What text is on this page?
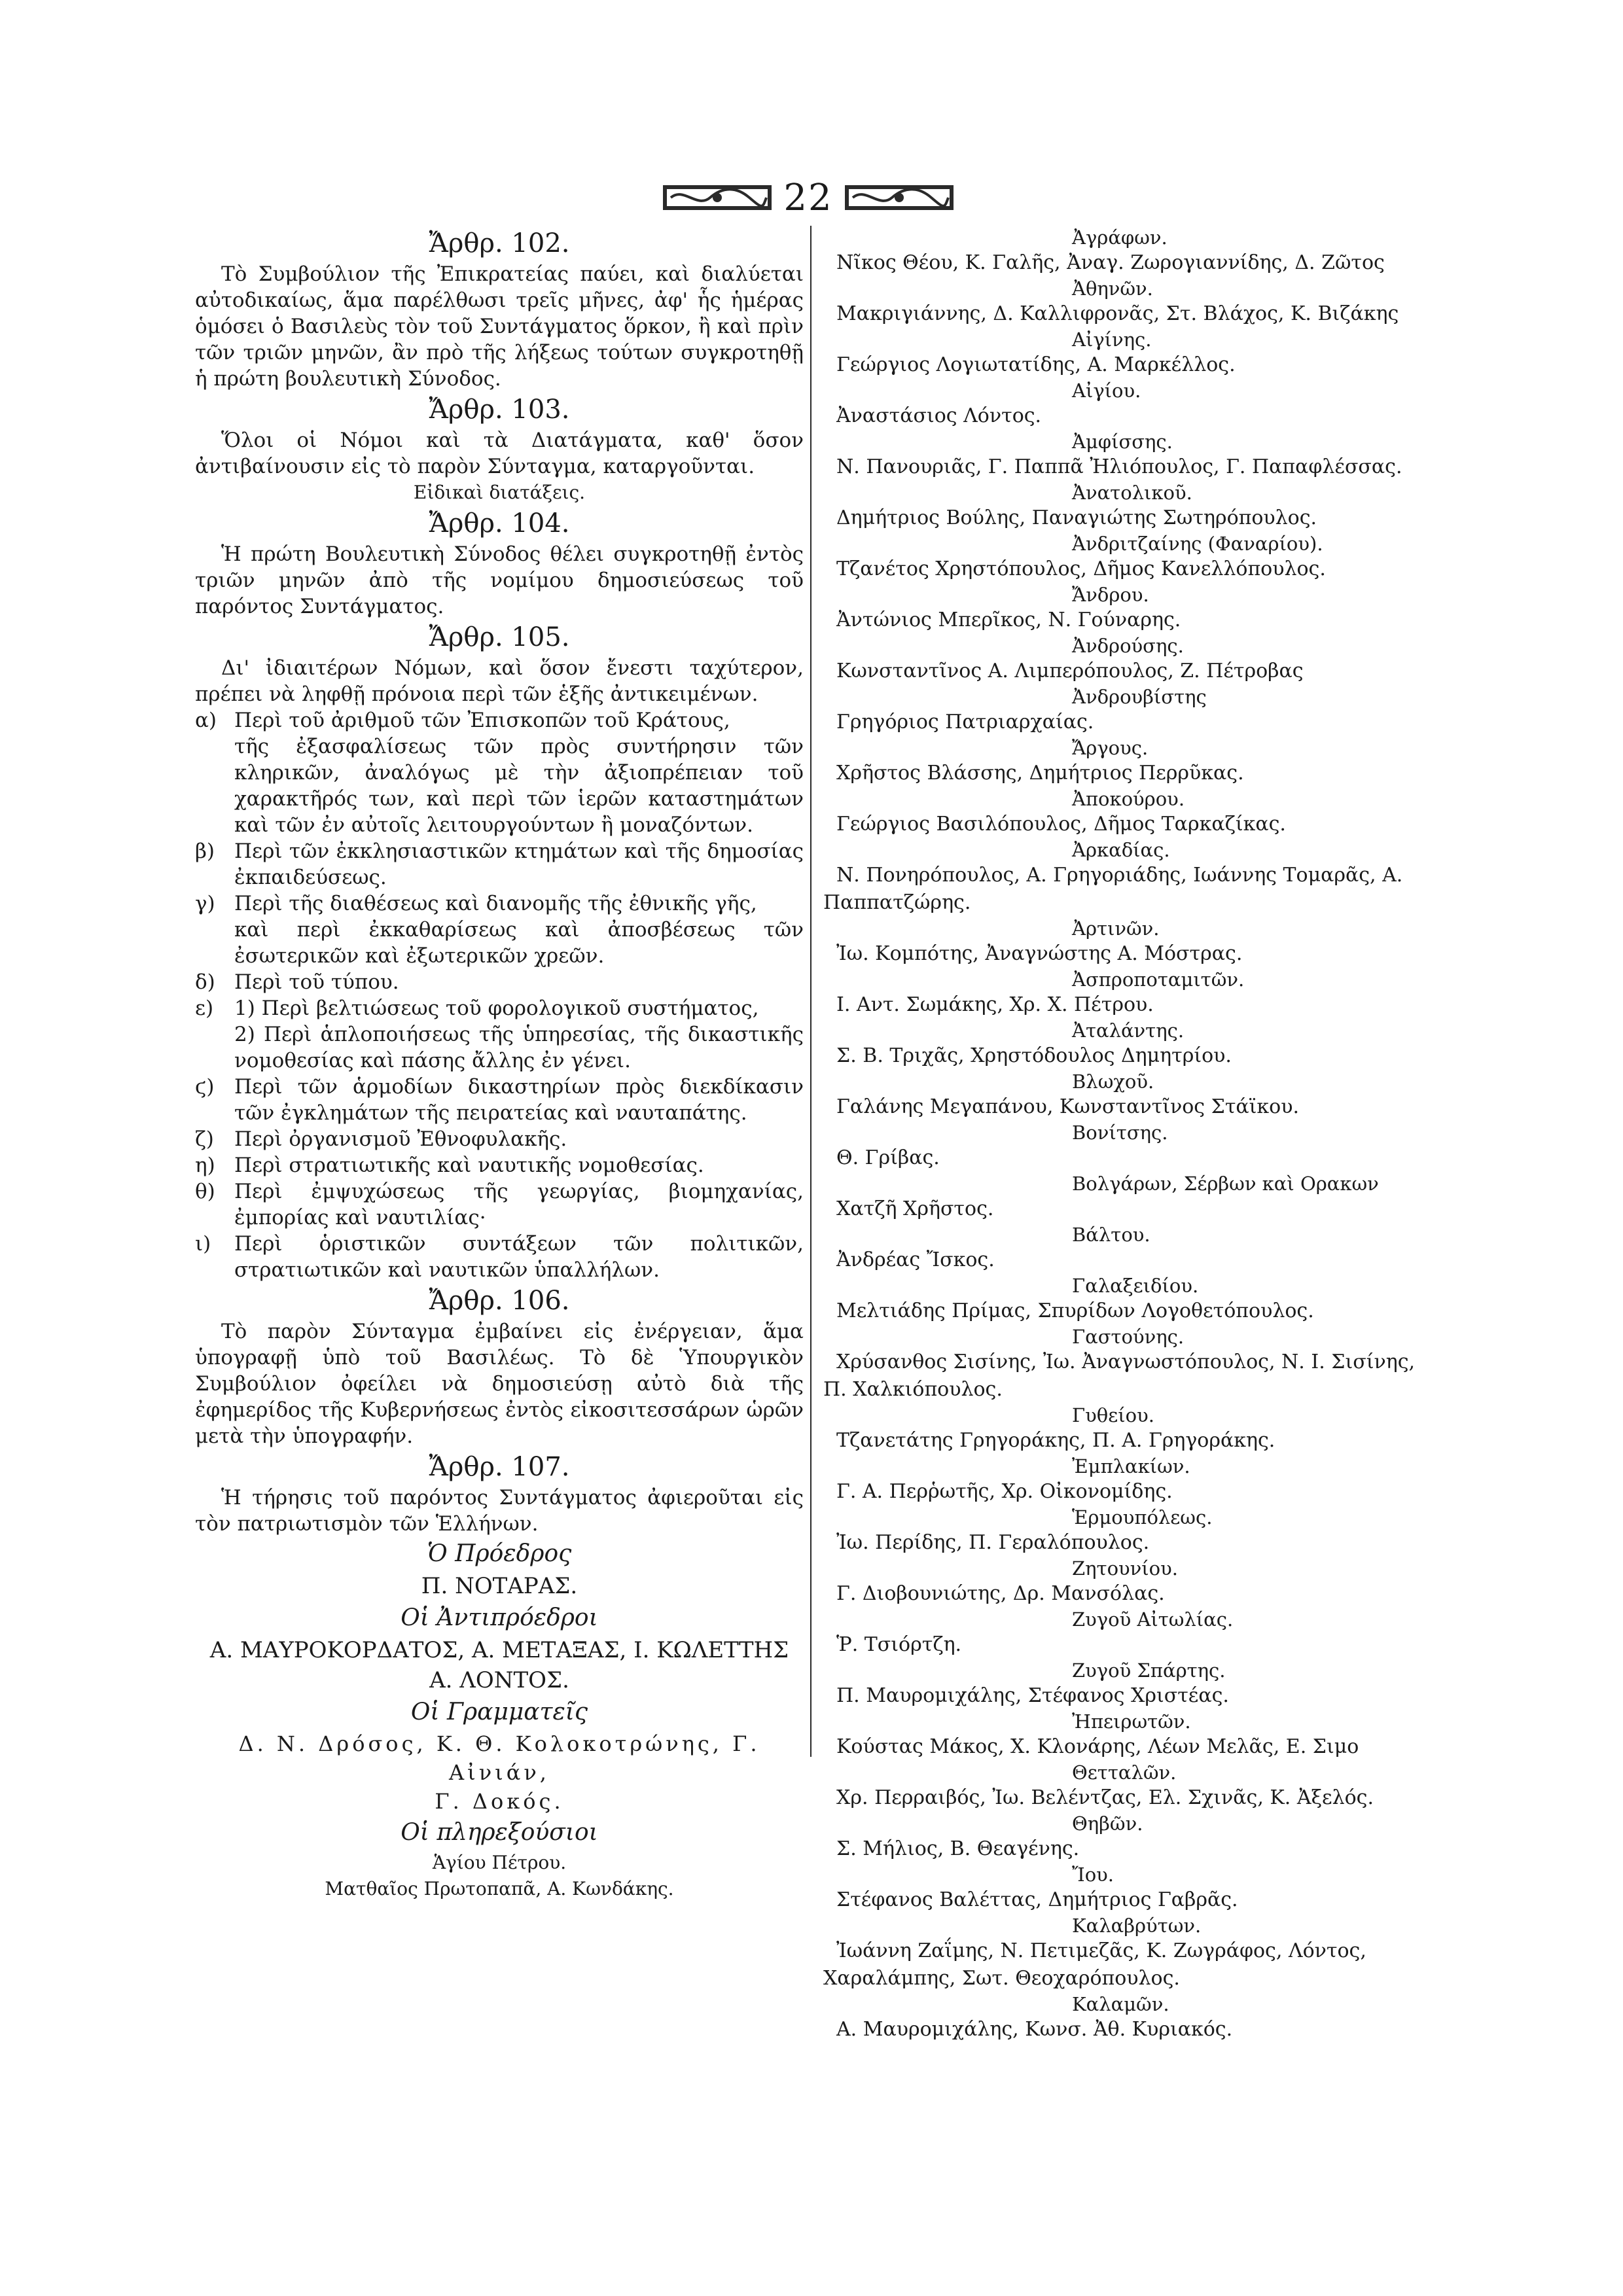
22
Ἄρθρ. 102.
Τὸ Συμβούλιον τῆς Ἐπικρατείας παύει, καὶ διαλύεται αὐτοδικαίως, ἅμα παρέλθωσι τρεῖς μῆνες, ἀφ' ἧς ἡμέρας ὁμόσει ὁ Βασιλεὺς τὸν τοῦ Συντάγματος ὅρκον, ἢ καὶ πρὶν τῶν τριῶν μηνῶν, ἂν πρὸ τῆς λήξεως τούτων συγκροτηθῇ ἡ πρώτη βουλευτικὴ Σύνοδος.
Ἄρθρ. 103.
Ὅλοι οἱ Νόμοι καὶ τὰ Διατάγματα, καθ' ὅσον ἀντιβαίνουσιν εἰς τὸ παρὸν Σύνταγμα, καταργοῦνται.
Εἰδικαὶ διατάξεις.
Ἄρθρ. 104.
Ἡ πρώτη Βουλευτικὴ Σύνοδος θέλει συγκροτηθῇ ἐντὸς τριῶν μηνῶν ἀπὸ τῆς νομίμου δημοσιεύσεως τοῦ παρόντος Συντάγματος.
Ἄρθρ. 105.
Δι' ἰδιαιτέρων Νόμων, καὶ ὅσον ἔνεστι ταχύτερον, πρέπει νὰ ληφθῇ πρόνοια περὶ τῶν ἑξῆς ἀντικειμένων.
α) Περὶ τοῦ ἀριθμοῦ τῶν Ἐπισκοπῶν τοῦ Κράτους,
τῆς ἐξασφαλίσεως τῶν πρὸς συντήρησιν τῶν κληρικῶν, ἀναλόγως μὲ τὴν ἀξιοπρέπειαν τοῦ χαρακτῆρός των, καὶ περὶ τῶν ἱερῶν καταστημάτων καὶ τῶν ἐν αὐτοῖς λειτουργούντων ἢ μοναζόντων.
β) Περὶ τῶν ἐκκλησιαστικῶν κτημάτων καὶ τῆς δημοσίας ἐκπαιδεύσεως.
γ) Περὶ τῆς διαθέσεως καὶ διανομῆς τῆς ἐθνικῆς γῆς,
καὶ περὶ ἐκκαθαρίσεως καὶ ἀποσβέσεως τῶν ἐσωτερικῶν καὶ ἐξωτερικῶν χρεῶν.
δ) Περὶ τοῦ τύπου.
ε)	1) Περὶ βελτιώσεως τοῦ φορολογικοῦ συστήματος,
2) Περὶ ἁπλοποιήσεως τῆς ὑπηρεσίας, τῆς δικαστικῆς νομοθεσίας καὶ πάσης ἄλλης ἐν γένει.
ϛ) Περὶ τῶν ἁρμοδίων δικαστηρίων πρὸς διεκδίκασιν τῶν ἐγκλημάτων τῆς πειρατείας καὶ ναυταπάτης.
ζ)	Περὶ ὀργανισμοῦ Ἐθνοφυλακῆς.
η) Περὶ στρατιωτικῆς καὶ ναυτικῆς νομοθεσίας.
θ) Περὶ ἐμψυχώσεως τῆς γεωργίας, βιομηχανίας, ἐμπορίας καὶ ναυτιλίας·
ι)	Περὶ ὁριστικῶν συντάξεων τῶν πολιτικῶν, στρατιωτικῶν καὶ ναυτικῶν ὑπαλλήλων.
Ἄρθρ. 106.
Τὸ παρὸν Σύνταγμα ἐμβαίνει εἰς ἐνέργειαν, ἅμα ὑπογραφῇ ὑπὸ τοῦ Βασιλέως. Τὸ δὲ Ὑπουργικὸν Συμβούλιον ὀφείλει νὰ δημοσιεύσῃ αὐτὸ διὰ τῆς ἐφημερίδος τῆς Κυβερνήσεως ἐντὸς εἰκοσιτεσσάρων ὡρῶν μετὰ τὴν ὑπογραφήν.
Ἄρθρ. 107.
Ἡ τήρησις τοῦ παρόντος Συντάγματος ἀφιεροῦται εἰς τὸν πατριωτισμὸν τῶν Ἑλλήνων.
Ὁ Πρόεδρος
Π. ΝΟΤΑΡΑΣ.
Οἱ Ἀντιπρόεδροι
Α. ΜΑΥΡΟΚΟΡΔΑΤΟΣ, Α. ΜΕΤΑΞΑΣ, Ι. ΚΩΛΕΤΤΗΣ
Α. ΛΟΝΤΟΣ.
Οἱ Γραμματεῖς
Δ. Ν. Δρόσος, Κ. Θ. Κολοκοτρώνης, Γ. Αἰνιάν,
Γ. Δοκός.
Οἱ πληρεξούσιοι
Ἁγίου Πέτρου.
Ματθαῖος Πρωτοπαπᾶ, Α. Κωνδάκης.
Ἀγράφων.
Νῖκος Θέου, Κ. Γαλῆς, Ἀναγ. Ζωρογιαννίδης, Δ. Ζῶτος
Ἀθηνῶν.
Μακριγιάννης, Δ. Καλλιφρονᾶς, Στ. Βλάχος, Κ. Βιζάκης
Αἰγίνης.
Γεώργιος Λογιωτατίδης, Α. Μαρκέλλος.
Αἰγίου.
Ἀναστάσιος Λόντος.
Ἀμφίσσης.
Ν. Πανουριᾶς, Γ. Παππᾶ Ἠλιόπουλος, Γ. Παπαφλέσσας.
Ἀνατολικοῦ.
Δημήτριος Βούλης, Παναγιώτης Σωτηρόπουλος.
Ἀνδριτζαίνης (Φαναρίου).
Τζανέτος Χρηστόπουλος, Δῆμος Κανελλόπουλος.
Ἄνδρου.
Ἀντώνιος Μπερῖκος, Ν. Γούναρης.
Ἀνδρούσης.
Κωνσταντῖνος Α. Λιμπερόπουλος, Ζ. Πέτροβας
Ἀνδρουβίστης
Γρηγόριος Πατριαρχαίας.
Ἄργους.
Χρῆστος Βλάσσης, Δημήτριος Περρῦκας.
Ἀποκούρου.
Γεώργιος Βασιλόπουλος, Δῆμος Ταρκαζίκας.
Ἀρκαδίας.
Ν. Πονηρόπουλος, Α. Γρηγοριάδης, Ιωάννης Τομαρᾶς, Α.
Παππατζώρης.
Ἀρτινῶν.
Ἰω. Κομπότης, Ἀναγνώστης Α. Μόστρας.
Ἀσπροποταμιτῶν.
Ι. Αντ. Σωμάκης, Χρ. Χ. Πέτρου.
Ἀταλάντης.
Σ. Β. Τριχᾶς, Χρηστόδουλος Δημητρίου.
Βλωχοῦ.
Γαλάνης Μεγαπάνου, Κωνσταντῖνος Στάϊκου.
Βονίτσης.
Θ. Γρίβας.
Βολγάρων, Σέρβων καὶ Ορακων
Χατζῆ Χρῆστος.
Βάλτου.
Ἀνδρέας Ἴσκος.
Γαλαξειδίου.
Μελτιάδης Πρίμας, Σπυρίδων Λογοθετόπουλος.
Γαστούνης.
Χρύσανθος Σισίνης, Ἰω. Ἀναγνωστόπουλος, Ν. Ι. Σισίνης,
Π. Χαλκιόπουλος.
Γυθείου.
Τζανετάτης Γρηγοράκης, Π. Α. Γρηγοράκης.
Ἐμπλακίων.
Γ. Α. Περῥωτῆς, Χρ. Οἰκονομίδης.
Ἑρμουπόλεως.
Ἰω. Περίδης, Π. Γεραλόπουλος.
Ζητουνίου.
Γ. Διοβουνιώτης, Δρ. Μανσόλας.
Ζυγοῦ Αἰτωλίας.
Ῥ. Τσιόρτζη.
Ζυγοῦ Σπάρτης.
Π. Μαυρομιχάλης, Στέφανος Χριστέας.
Ἠπειρωτῶν.
Κούστας Μάκος, Χ. Κλονάρης, Λέων Μελᾶς, Ε. Σιμο
Θετταλῶν.
Χρ. Περραιβός, Ἰω. Βελέντζας, Ελ. Σχινᾶς, Κ. Ἀξελός.
Θηβῶν.
Σ. Μήλιος, Β. Θεαγένης.
Ἴου.
Στέφανος Βαλέττας, Δημήτριος Γαβρᾶς.
Καλαβρύτων.
Ἰωάννη Ζαΐμης, Ν. Πετιμεζᾶς, Κ. Ζωγράφος, Λόντος,
Χαραλάμπης, Σωτ. Θεοχαρόπουλος.
Καλαμῶν.
Α. Μαυρομιχάλης, Κωνσ. Ἀθ. Κυριακός.
